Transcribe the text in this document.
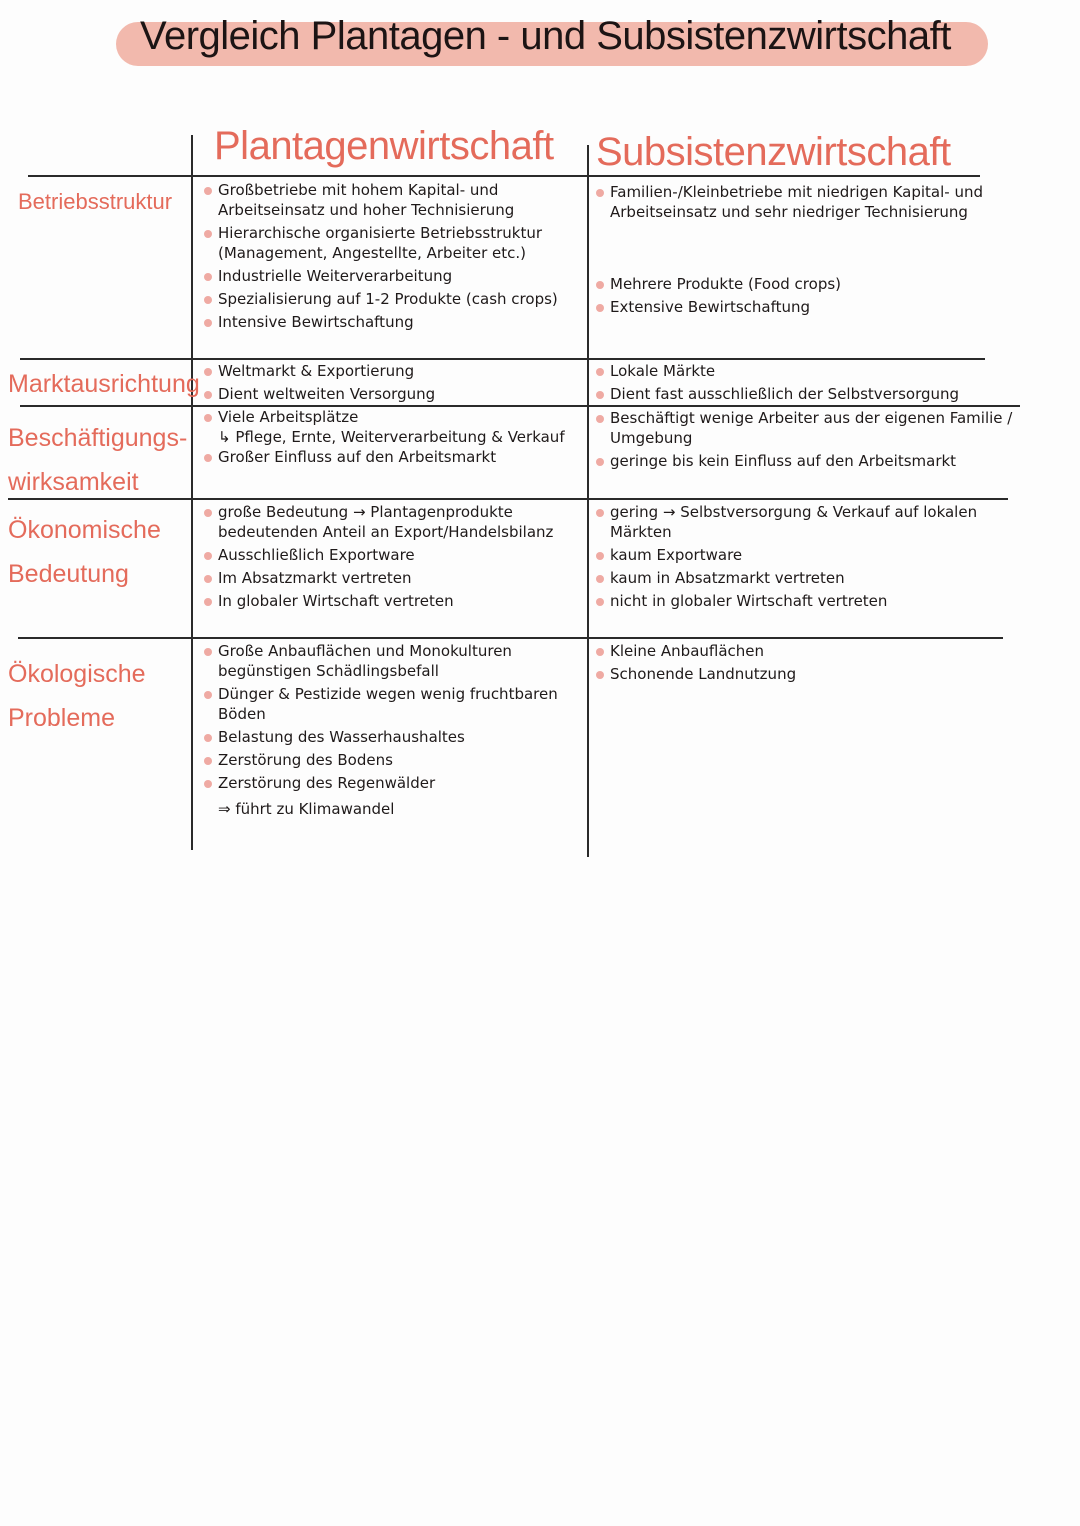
Vergleich Plantagen - und Subsistenzwirtschaft
Plantagenwirtschaft Subsistenzwirtschaft
Betriebsstruktur	Großbetriebe mit hohem Kapital- und Arbeitseinsatz und hoher Technisierung
Hierarchische organisierte Betriebsstruktur (Management, Angestellte, Arbeiter etc.)
Industrielle Weiterverarbeitung
Spezialisierung auf 1-2 Produkte (cash crops)
Intensive Bewirtschaftung
Familien-/Kleinbetriebe mit niedrigen Kapital- und Arbeitseinsatz und sehr niedriger Technisierung
Mehrere Produkte (Food crops)
Extensive Bewirtschaftung
Marktausrichtung	Weltmarkt & Exportierung
Dient weltweiten Versorgung
Lokale Märkte
Dient fast ausschließlich der Selbstversorgung
Beschäftigungs-
wirksamkeit
Viele Arbeitsplätze
↳ Pflege, Ernte, Weiterverarbeitung & Verkauf
Großer Einfluss auf den Arbeitsmarkt
Beschäftigt wenige Arbeiter aus der eigenen Familie / Umgebung
geringe bis kein Einfluss auf den Arbeitsmarkt
Ökonomische
Bedeutung
große Bedeutung → Plantagenprodukte bedeutenden Anteil an Export/Handelsbilanz
Ausschließlich Exportware
Im Absatzmarkt vertreten
In globaler Wirtschaft vertreten
gering → Selbstversorgung & Verkauf auf lokalen Märkten
kaum Exportware
kaum in Absatzmarkt vertreten
nicht in globaler Wirtschaft vertreten
Ökologische
Probleme
Große Anbauflächen und Monokulturen begünstigen Schädlingsbefall
Dünger & Pestizide wegen wenig fruchtbaren Böden
Belastung des Wasserhaushaltes
Zerstörung des Bodens
Zerstörung des Regenwälder
⇒ führt zu Klimawandel
Kleine Anbauflächen
Schonende Landnutzung
